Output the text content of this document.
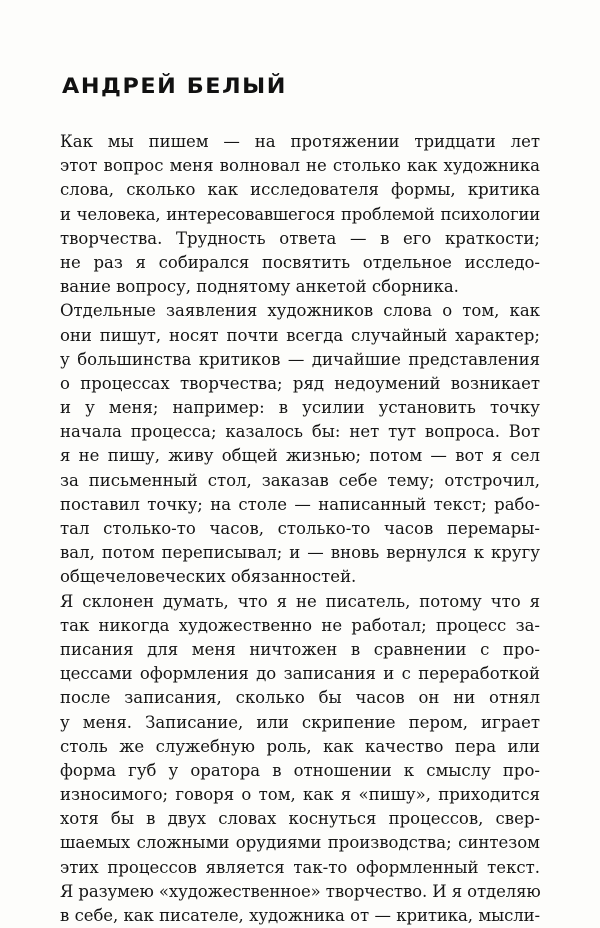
АНДРЕЙ БЕЛЫЙ
Как мы пишем — на протяжении тридцати лет
этот вопрос меня волновал не столько как художника
слова, сколько как исследователя формы, критика
и человека, интересовавшегося проблемой психологии
творчества. Трудность ответа — в его краткости;
не раз я собирался посвятить отдельное исследо-
вание вопросу, поднятому анкетой сборника.
Отдельные заявления художников слова о том, как
они пишут, носят почти всегда случайный характер;
у большинства критиков — дичайшие представления
о процессах творчества; ряд недоумений возникает
и у меня; например: в усилии установить точку
начала процесса; казалось бы: нет тут вопроса. Вот
я не пишу, живу общей жизнью; потом — вот я сел
за письменный стол, заказав себе тему; отстрочил,
поставил точку; на столе — написанный текст; рабо-
тал столько-то часов, столько-то часов перемары-
вал, потом переписывал; и — вновь вернулся к кругу
общечеловеческих обязанностей.
Я склонен думать, что я не писатель, потому что я
так никогда художественно не работал; процесс за-
писания для меня ничтожен в сравнении с про-
цессами оформления до записания и с переработкой
после записания, сколько бы часов он ни отнял
у меня. Записание, или скрипение пером, играет
столь же служебную роль, как качество пера или
форма губ у оратора в отношении к смыслу про-
износимого; говоря о том, как я «пишу», приходится
хотя бы в двух словах коснуться процессов, свер-
шаемых сложными орудиями производства; синтезом
этих процессов является так-то оформленный текст.
Я разумею «художественное» творчество. И я отделяю
в себе, как писателе, художника от — критика, мысли-
